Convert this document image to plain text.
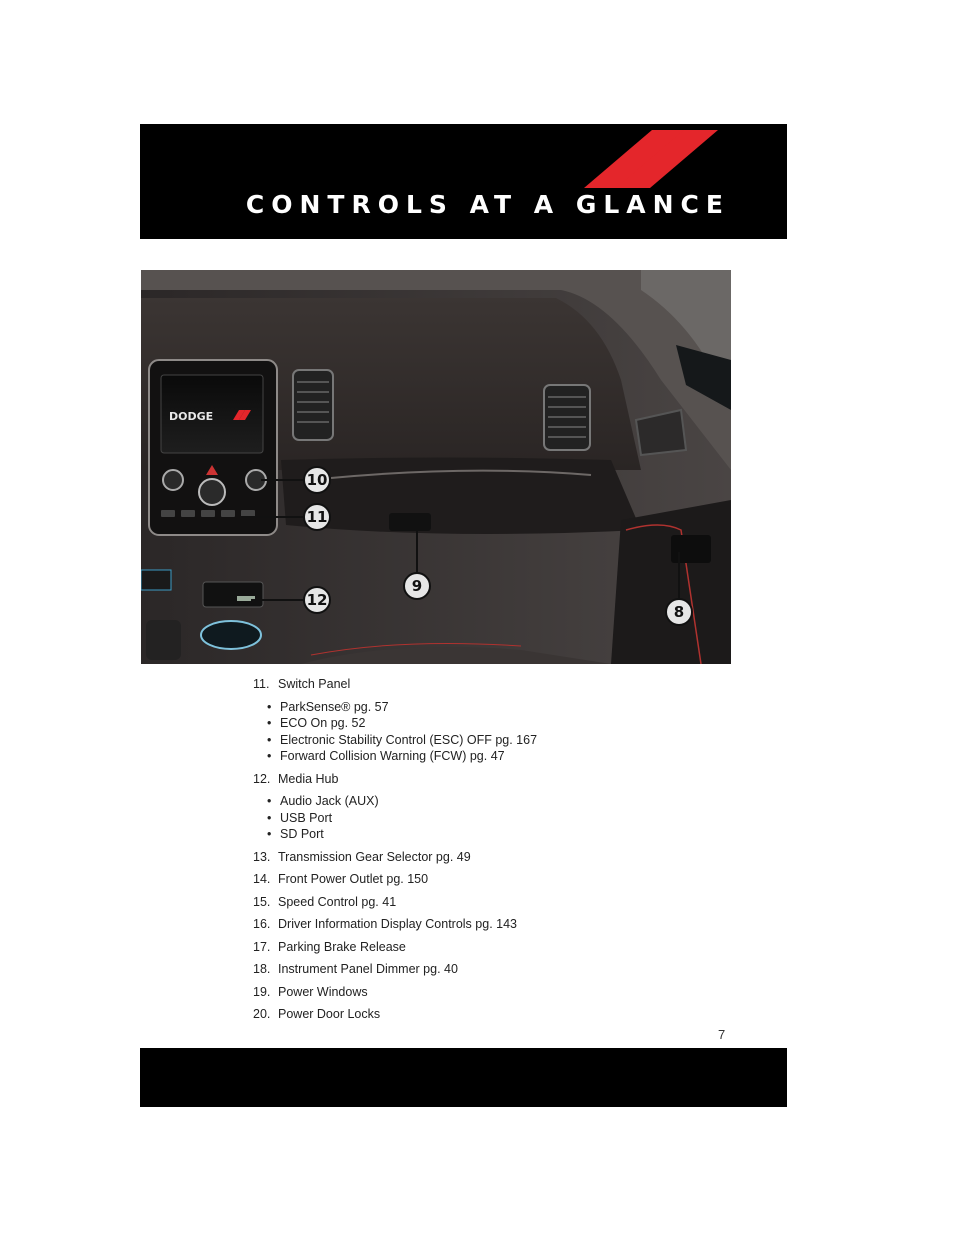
CONTROLS AT A GLANCE
DODGE
10
11
12
9
8
11. Switch Panel
• ParkSense® pg. 57
• ECO On pg. 52
• Electronic Stability Control (ESC) OFF pg. 167
• Forward Collision Warning (FCW) pg. 47
12. Media Hub
• Audio Jack (AUX)
• USB Port
• SD Port
13. Transmission Gear Selector pg. 49
14. Front Power Outlet pg. 150
15. Speed Control pg. 41
16. Driver Information Display Controls pg. 143
17. Parking Brake Release
18. Instrument Panel Dimmer pg. 40
19. Power Windows
20. Power Door Locks
7
